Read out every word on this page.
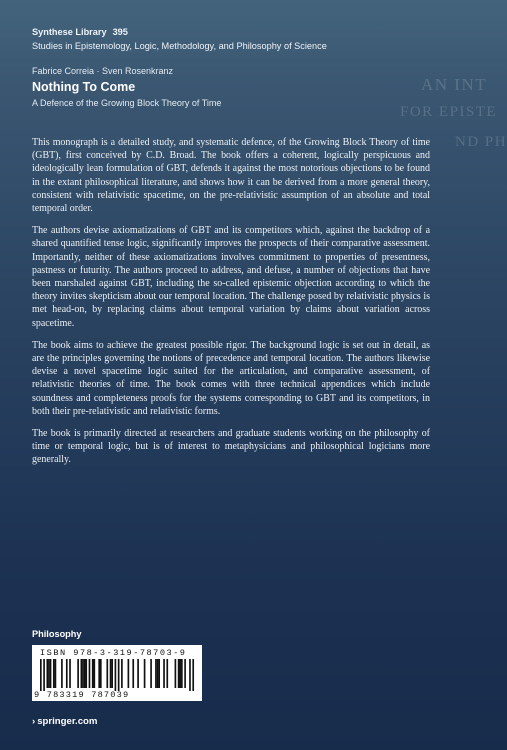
AN INT
FOR EPISTE
ND PH
Synthese Library 395
Studies in Epistemology, Logic, Methodology, and Philosophy of Science
Fabrice Correia · Sven Rosenkranz
Nothing To Come
A Defence of the Growing Block Theory of Time

This monograph is a detailed study, and systematic defence, of the Growing Block Theory of time (GBT), first conceived by C.D. Broad. The book offers a coherent, logically perspicuous and ideologically lean formulation of GBT, defends it against the most notorious objections to be found in the extant philosophical literature, and shows how it can be derived from a more general theory, consistent with relativistic spacetime, on the pre-relativistic assumption of an absolute and total temporal order.

The authors devise axiomatizations of GBT and its competitors which, against the backdrop of a shared quantified tense logic, significantly improves the prospects of their comparative assessment. Importantly, neither of these axiomatizations involves commitment to properties of presentness, pastness or futurity. The authors proceed to address, and defuse, a number of objections that have been marshaled against GBT, including the so-called epistemic objection according to which the theory invites skepticism about our temporal location. The challenge posed by relativistic physics is met head-on, by replacing claims about temporal variation by claims about variation across spacetime.

The book aims to achieve the greatest possible rigor. The background logic is set out in detail, as are the principles governing the notions of precedence and temporal location. The authors likewise devise a novel spacetime logic suited for the articulation, and comparative assessment, of relativistic theories of time. The book comes with three technical appendices which include soundness and completeness proofs for the systems corresponding to GBT and its competitors, in both their pre-relativistic and relativistic forms.

The book is primarily directed at researchers and graduate students working on the philosophy of time or temporal logic, but is of interest to metaphysicians and philosophical logicians more generally.

Philosophy
ISBN 978-3-319-78703-9
9 783319 787039
› springer.com
